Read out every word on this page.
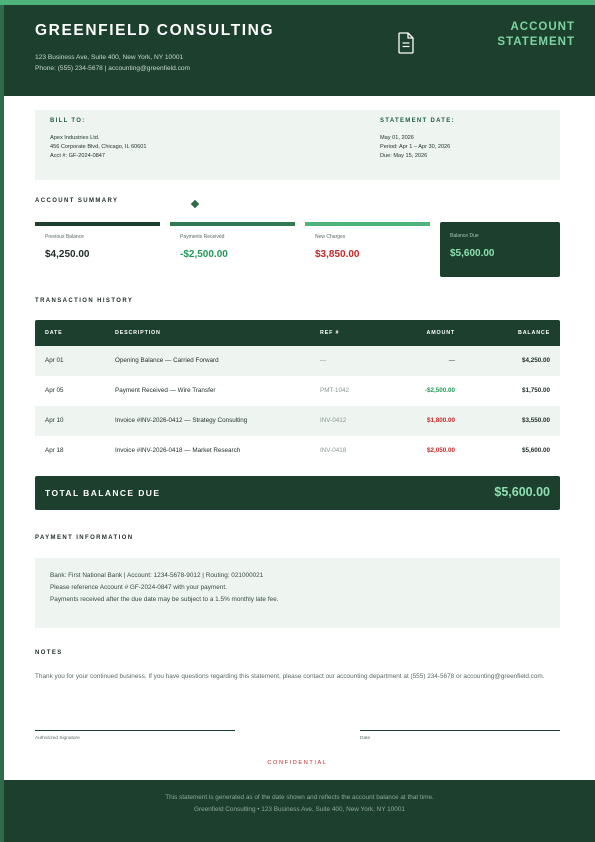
GREENFIELD CONSULTING
123 Business Ave, Suite 400, New York, NY 10001
Phone: (555) 234-5678 | accounting@greenfield.com
ACCOUNT
STATEMENT
BILL TO:
Apex Industries Ltd.
456 Corporate Blvd, Chicago, IL 60601
Acct #: GF-2024-0847
STATEMENT DATE:
May 01, 2026
Period: Apr 1 – Apr 30, 2026
Due: May 15, 2026
ACCOUNT SUMMARY
Previous Balance
$4,250.00
Payments Received
-$2,500.00
New Charges
$3,850.00
Balance Due
$5,600.00
TRANSACTION HISTORY
DATE	DESCRIPTION	REF #	AMOUNT	BALANCE
Apr 01	Opening Balance — Carried Forward	—	—	$4,250.00
Apr 05	Payment Received — Wire Transfer	PMT-1042	-$2,500.00	$1,750.00
Apr 10	Invoice #INV-2026-0412 — Strategy Consulting	INV-0412	$1,800.00	$3,550.00
Apr 18	Invoice #INV-2026-0418 — Market Research	INV-0418	$2,050.00	$5,600.00
TOTAL BALANCE DUE	$5,600.00
PAYMENT INFORMATION
Bank: First National Bank | Account: 1234-5678-9012 | Routing: 021000021
Please reference Account # GF-2024-0847 with your payment.
Payments received after the due date may be subject to a 1.5% monthly late fee.
NOTES
Thank you for your continued business. If you have questions regarding this statement, please contact our accounting department at (555) 234-5678 or accounting@greenfield.com.
Authorized Signature	Date
CONFIDENTIAL
This statement is generated as of the date shown and reflects the account balance at that time.
Greenfield Consulting • 123 Business Ave, Suite 400, New York, NY 10001
